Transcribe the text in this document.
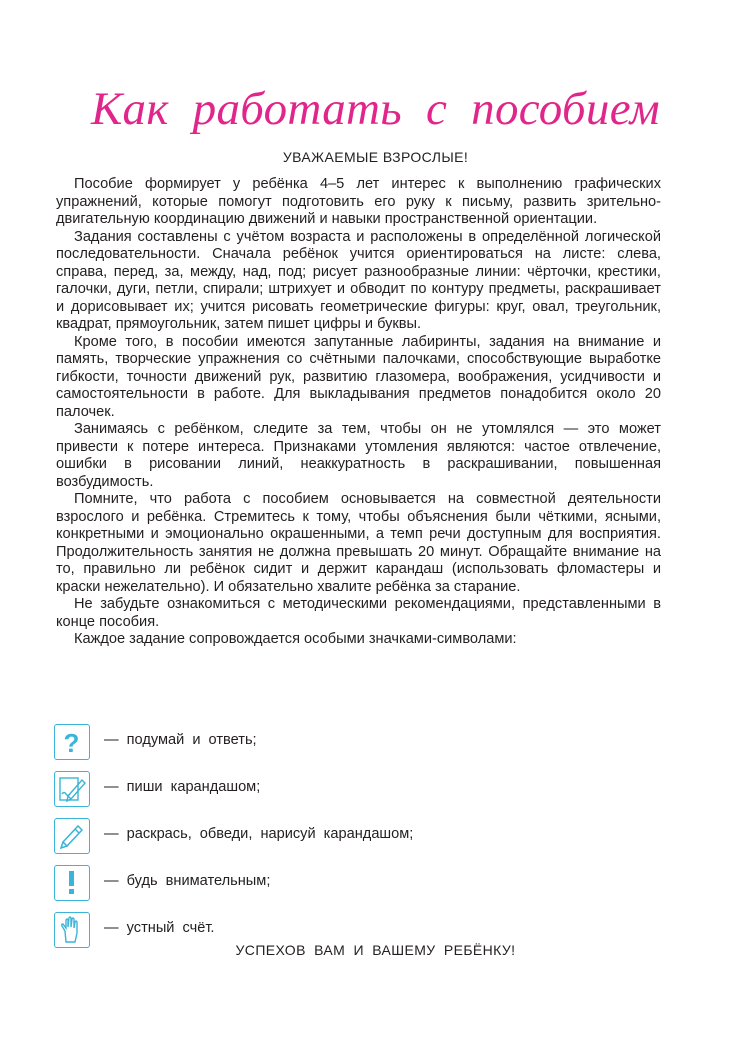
Как работать с пособием
УВАЖАЕМЫЕ ВЗРОСЛЫЕ!

Пособие формирует у ребёнка 4–5 лет интерес к выполнению графических упражнений, которые помогут подготовить его руку к письму, развить зрительно-двигательную координацию движений и навыки пространственной ориентации.

Задания составлены с учётом возраста и расположены в определённой логической последовательности. Сначала ребёнок учится ориентироваться на листе: слева, справа, перед, за, между, над, под; рисует разнообразные линии: чёрточки, крестики, галочки, дуги, петли, спирали; штрихует и обводит по контуру предметы, раскрашивает и дорисовывает их; учится рисовать геометрические фигуры: круг, овал, треугольник, квадрат, прямоугольник, затем пишет цифры и буквы.

Кроме того, в пособии имеются запутанные лабиринты, задания на внимание и память, творческие упражнения со счётными палочками, способствующие выработке гибкости, точности движений рук, развитию глазомера, воображения, усидчивости и самостоятельности в работе. Для выкладывания предметов понадобится около 20 палочек.

Занимаясь с ребёнком, следите за тем, чтобы он не утомлялся — это может привести к потере интереса. Признаками утомления являются: частое отвлечение, ошибки в рисовании линий, неаккуратность в раскрашивании, повышенная возбудимость.

Помните, что работа с пособием основывается на совместной деятельности взрослого и ребёнка. Стремитесь к тому, чтобы объяснения были чёткими, ясными, конкретными и эмоционально окрашенными, а темп речи доступным для восприятия. Продолжительность занятия не должна превышать 20 минут. Обращайте внимание на то, правильно ли ребёнок сидит и держит карандаш (использовать фломастеры и краски нежелательно). И обязательно хвалите ребёнка за старание.

Не забудьте ознакомиться с методическими рекомендациями, представленными в конце пособия.

Каждое задание сопровождается особыми значками-символами:

? — подумай и ответь;
— пиши карандашом;
— раскрась, обведи, нарисуй карандашом;
— будь внимательным;
— устный счёт.
УСПЕХОВ ВАМ И ВАШЕМУ РЕБЁНКУ!
